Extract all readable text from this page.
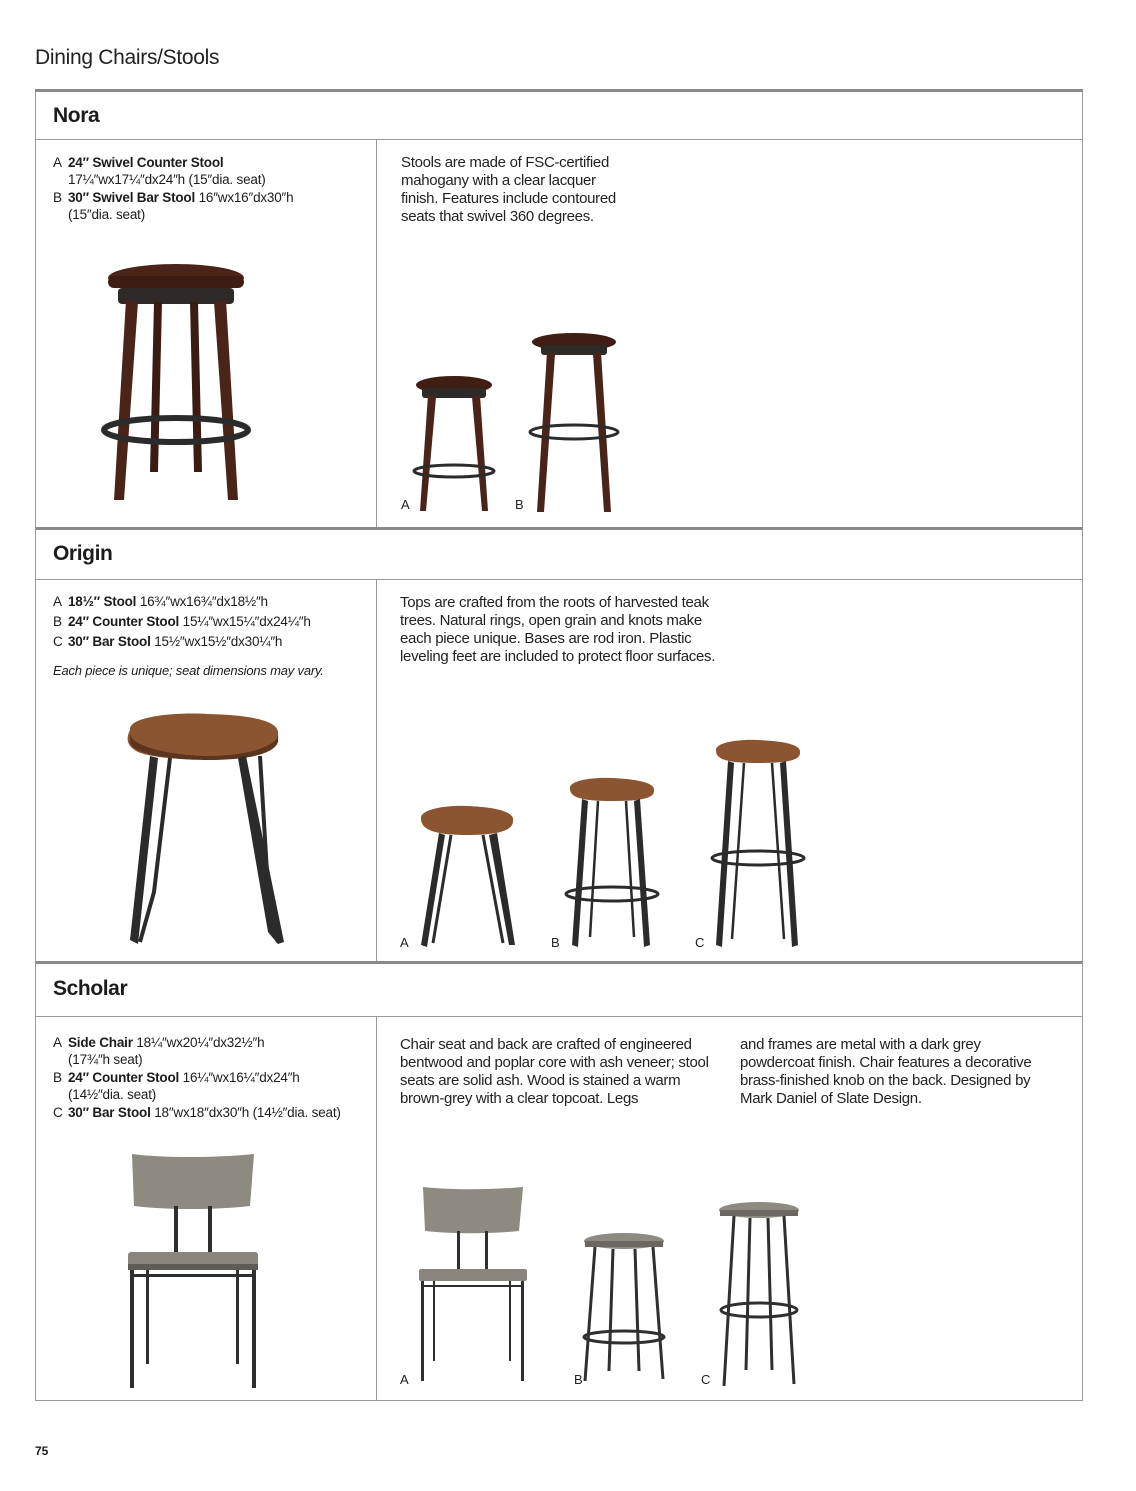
Dining Chairs/Stools
Nora
A 24″ Swivel Counter Stool
17¼″wx17¼″dx24″h (15″dia. seat)
B 30″ Swivel Bar Stool 16″wx16″dx30″h (15″dia. seat)
Stools are made of FSC-certified mahogany with a clear lacquer finish. Features include contoured seats that swivel 360 degrees.
A	B
Origin
A 18½″ Stool 16¾″wx16¾″dx18½″h
B 24″ Counter Stool 15¼″wx15¼″dx24¼″h
C 30″ Bar Stool 15½″wx15½″dx30¼″h
Each piece is unique; seat dimensions may vary.
Tops are crafted from the roots of harvested teak trees. Natural rings, open grain and knots make each piece unique. Bases are rod iron. Plastic leveling feet are included to protect floor surfaces.
A	B	C
Scholar
A Side Chair 18¼″wx20¼″dx32½″h (17¾″h seat)
B 24″ Counter Stool 16¼″wx16¼″dx24″h (14½″dia. seat)
C 30″ Bar Stool 18″wx18″dx30″h (14½″dia. seat)
Chair seat and back are crafted of engineered bentwood and poplar core with ash veneer; stool seats are solid ash. Wood is stained a warm brown-grey with a clear topcoat. Legs
and frames are metal with a dark grey powdercoat finish. Chair features a decorative brass-finished knob on the back. Designed by Mark Daniel of Slate Design.
A	B	C
75
